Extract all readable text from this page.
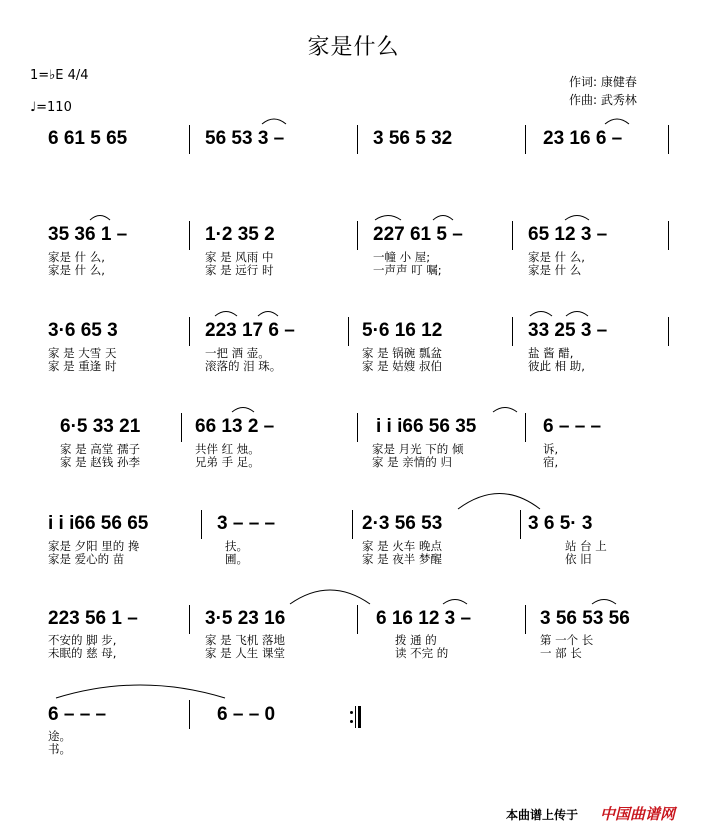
家是什么
1=♭E 4/4
♩=110
作词: 康健春
作曲: 武秀林
6 61 5 65	56 53 3 –	3 56 5 32	23 16 6 –
35 36 1 –	1·2 35 2	227 61 5 –	65 12 3 –
家是 什 么,	家 是 风雨 中	一幢 小 屋;	家是 什 么,
家是 什 么,	家 是 远行 时	一声声 叮 嘱;	家是 什 么
3·6 65 3	223 17 6 –	5·6 16 12	33 25 3 –
家 是 大雪 天	一把 酒 壶。	家 是 锅碗 瓢盆	盐 酱 醋,
家 是 重逢 时	滚落的 泪 珠。	家 是 姑嫂 叔伯	彼此 相 助,
6·5 33 21	66 13 2 –	i i i66 56 35	6 – – –
家 是 高堂 孺子	共伴 红 烛。	家是 月光 下的 倾	诉,
家 是 赵钱 孙李	兄弟 手 足。	家 是 亲情的 归	宿,
i i i66 56 65	3 – – –	2·3 56 53	3 6 5· 3
家是 夕阳 里的 搀	扶。	家 是 火车 晚点	站 台 上
家是 爱心的 苗	圃。	家 是 夜半 梦醒	依 旧
223 56 1 –	3·5 23 16	6 16 12 3 –	3 56 53 56
不安的 脚 步,	家 是 飞机 落地	拨 通 的	第 一个 长
未眠的 慈 母,	家 是 人生 课堂	读 不完 的	一 部 长
6 – – –	6 – – 0
途。
书。
本曲谱上传于 中国曲谱网
